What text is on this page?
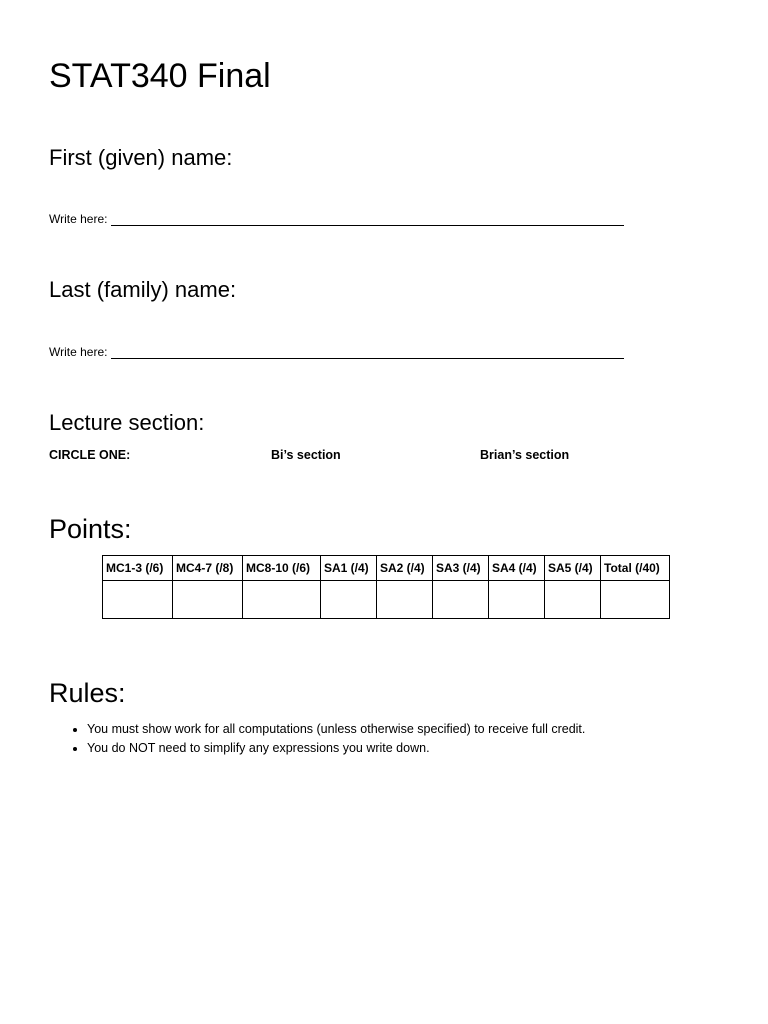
STAT340 Final
First (given) name:
Write here:
Last (family) name:
Write here:
Lecture section:
CIRCLE ONE:	Bi’s section	Brian’s section
Points:
MC1-3 (/6)	MC4-7 (/8)	MC8-10 (/6)	SA1 (/4)	SA2 (/4)	SA3 (/4)	SA4 (/4)	SA5 (/4)	Total (/40)

Rules:
• You must show work for all computations (unless otherwise specified) to receive full credit.
• You do NOT need to simplify any expressions you write down.
